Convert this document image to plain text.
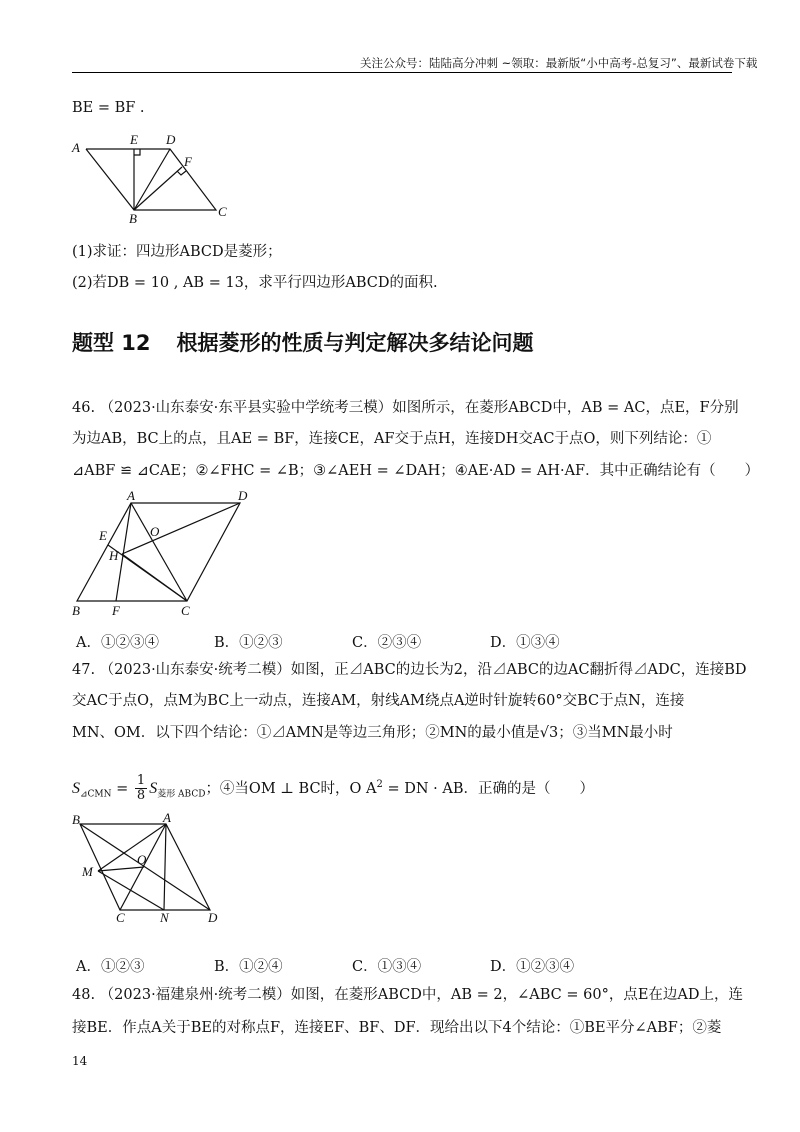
关注公众号：陆陆高分冲刺 ~领取：最新版“小中高考-总复习”、最新试卷下载
BE = BF .
A
E D
F
B	C
(1)求证：四边形ABCD是菱形；
(2)若DB = 10 , AB = 13，求平行四边形ABCD的面积.
题型 12 根据菱形的性质与判定解决多结论问题
46. （2023·山东泰安·东平县实验中学统考三模）如图所示，在菱形ABCD中，AB = AC，点E，F分别
为边AB，BC上的点，且AE = BF，连接CE，AF交于点H，连接DH交AC于点O，则下列结论：①
⊿ABF ≌ ⊿CAE；②∠FHC = ∠B；③∠AEH = ∠DAH；④AE·AD = AH·AF．其中正确结论有（　　）
A	D
E	O
H
B F	C
A．①②③④	B．①②③	C．②③④	D．①③④
47. （2023·山东泰安·统考二模）如图，正⊿ABC的边长为2，沿⊿ABC的边AC翻折得⊿ADC，连接BD
交AC于点O，点M为BC上一动点，连接AM，射线AM绕点A逆时针旋转60°交BC于点N，连接
MN、OM．以下四个结论：①⊿AMN是等边三角形；②MN的最小值是√3；③当MN最小时
$S_{⊿CMN} = \frac{1}{8} S_{菱形 ABCD}$；④当OM ⊥ BC时，O $A^2$ = DN · AB．正确的是（　　）
B	A
O
M
C	N	D
A．①②③	B．①②④	C．①③④	D．①②③④
48. （2023·福建泉州·统考二模）如图，在菱形ABCD中，AB = 2，∠ABC = 60°，点E在边AD上，连
接BE．作点A关于BE的对称点F，连接EF、BF、DF．现给出以下4个结论：①BE平分∠ABF；②菱
14
